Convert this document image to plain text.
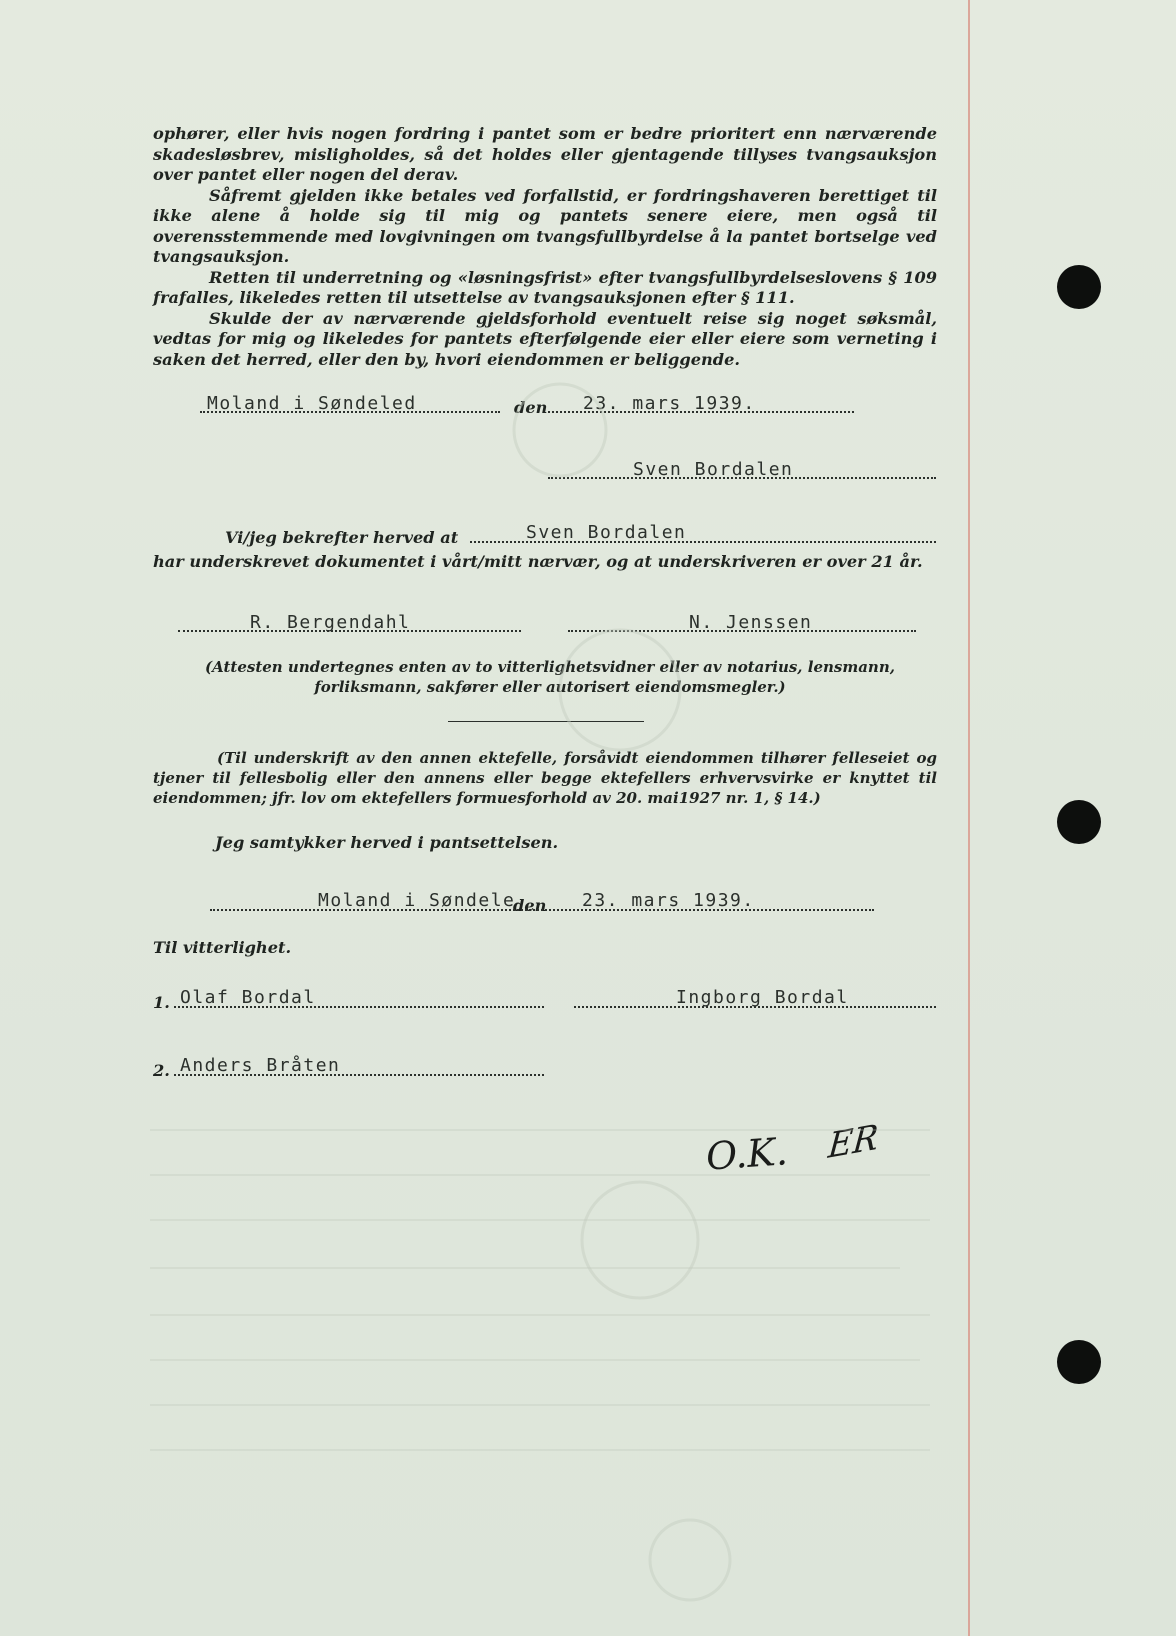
ophører, eller hvis nogen fordring i pantet som er bedre prioritert enn nærværende skadesløsbrev, misligholdes, så det holdes eller gjentagende tillyses tvangsauksjon over pantet eller nogen del derav.

Såfremt gjelden ikke betales ved forfallstid, er fordringshaveren berettiget til ikke alene å holde sig til mig og pantets senere eiere, men også til overensstemmende med lovgivningen om tvangsfullbyrdelse å la pantet bortselge ved tvangsauksjon.

Retten til underretning og «løsningsfrist» efter tvangsfullbyrdelseslovens § 109 frafalles, likeledes retten til utsettelse av tvangsauksjonen efter § 111.

Skulde der av nærværende gjeldsforhold eventuelt reise sig noget søksmål, vedtas for mig og likeledes for pantets efterfølgende eier eller eiere som verneting i saken det herred, eller den by, hvori eiendommen er beliggende.

Moland i Søndeled	den 23. mars 1939.
Sven Bordalen
Vi/jeg bekrefter herved at	Sven Bordalen
har underskrevet dokumentet i vårt/mitt nærvær, og at underskriveren er over 21 år.
R. Bergendahl	N. Jenssen
(Attesten undertegnes enten av to vitterlighetsvidner eller av notarius, lensmann, forliksmann, sakfører eller autorisert eiendomsmegler.)
(Til underskrift av den annen ektefelle, forsåvidt eiendommen tilhører felleseiet og tjener til fellesbolig eller den annens eller begge ektefellers erhvervsvirke er knyttet til eiendommen; jfr. lov om ektefellers formuesforhold av 20. mai1927 nr. 1, § 14.)
Jeg samtykker herved i pantsettelsen.
Moland i Søndele
den 23. mars 1939.
Til vitterlighet.
1. Olaf Bordal	Ingborg Bordal
2. Anders Bråten
O.K. ER
